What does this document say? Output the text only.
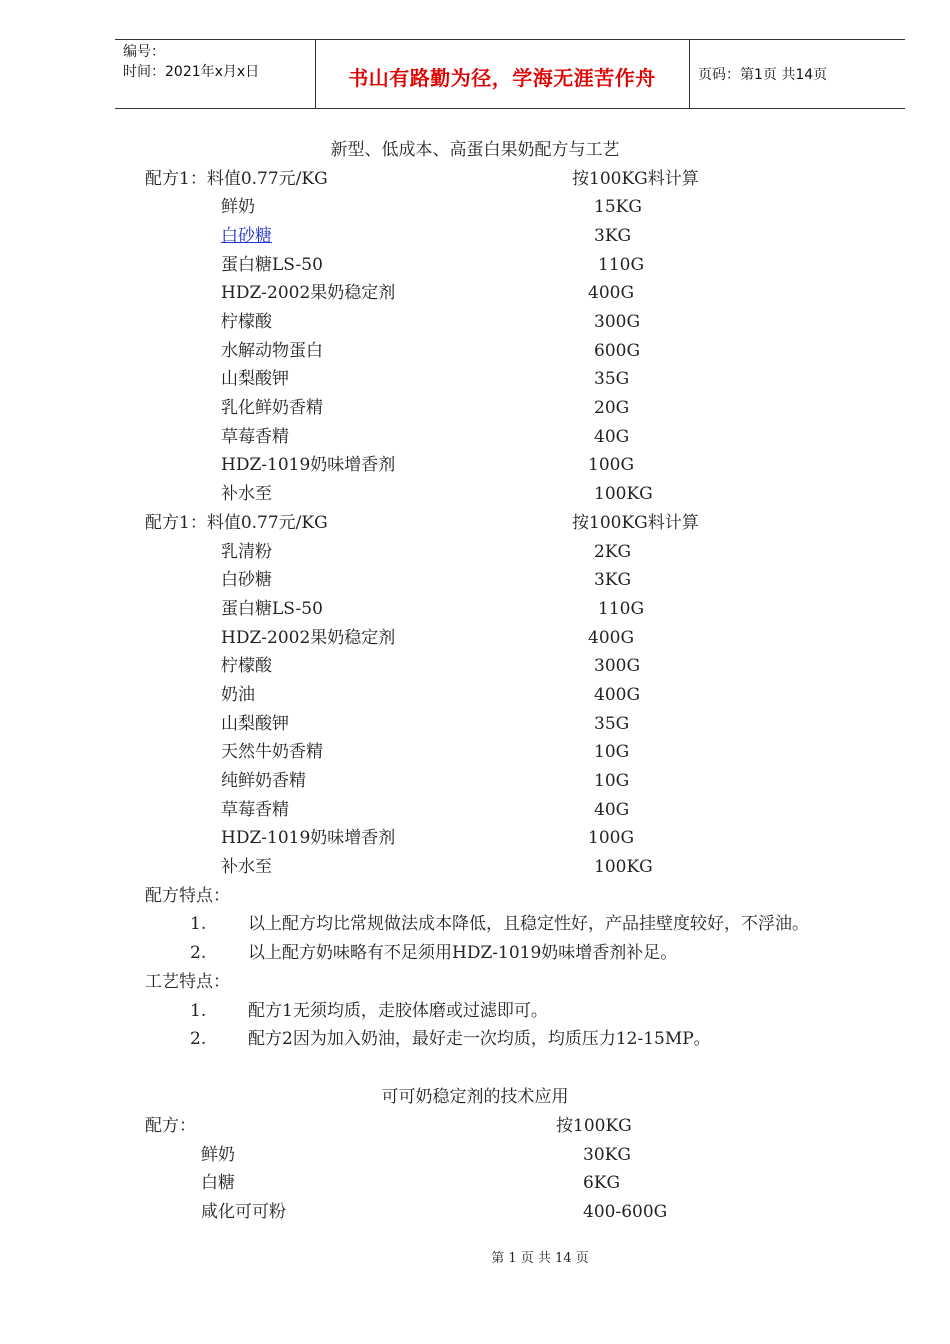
编号：
时间：2021年x月x日	书山有路勤为径，学海无涯苦作舟	页码：第1页 共14页
新型、低成本、高蛋白果奶配方与工艺
配方1：料值0.77元/KG	按100KG料计算
鲜奶	15KG
白砂糖	3KG
蛋白糖LS-50	110G
HDZ-2002果奶稳定剂	400G
柠檬酸	300G
水解动物蛋白	600G
山梨酸钾	35G
乳化鲜奶香精	20G
草莓香精	40G
HDZ-1019奶味增香剂	100G
补水至	100KG
配方1：料值0.77元/KG	按100KG料计算
乳清粉	2KG
白砂糖	3KG
蛋白糖LS-50	110G
HDZ-2002果奶稳定剂	400G
柠檬酸	300G
奶油	400G
山梨酸钾	35G
天然牛奶香精	10G
纯鲜奶香精	10G
草莓香精	40G
HDZ-1019奶味增香剂	100G
补水至	100KG
配方特点：
1. 以上配方均比常规做法成本降低，且稳定性好，产品挂壁度较好，不浮油。
2. 以上配方奶味略有不足须用HDZ-1019奶味增香剂补足。
工艺特点：
1. 配方1无须均质，走胶体磨或过滤即可。
2. 配方2因为加入奶油，最好走一次均质，均质压力12-15MP。
可可奶稳定剂的技术应用
配方：	按100KG
鲜奶	30KG
白糖	6KG
咸化可可粉	400-600G
第 1 页 共 14 页
